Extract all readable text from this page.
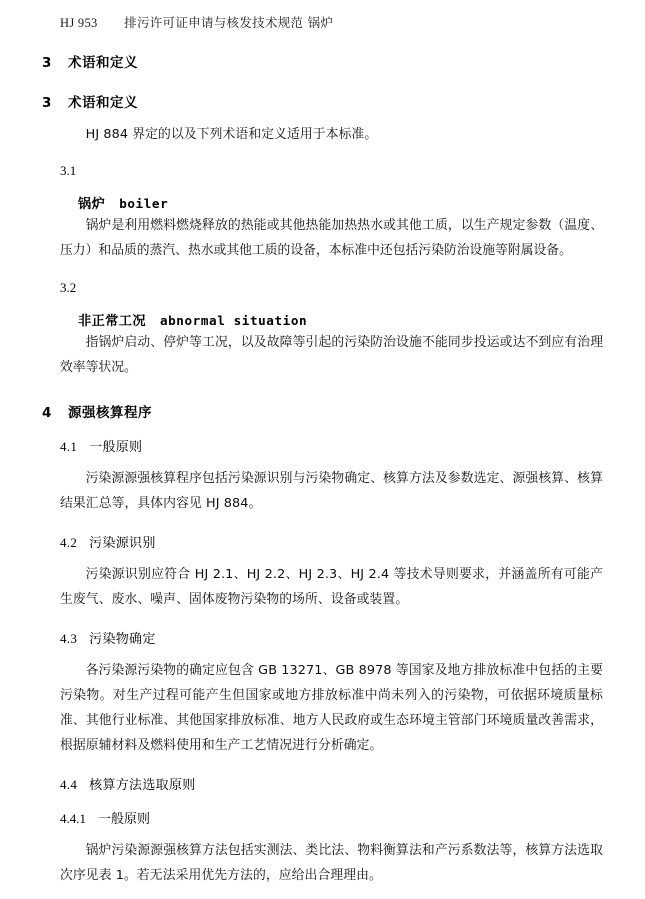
HJ 953 排污许可证申请与核发技术规范 锅炉
3 术语和定义
3 术语和定义
HJ 884 界定的以及下列术语和定义适用于本标准。
3.1
锅炉 boiler
锅炉是利用燃料燃烧释放的热能或其他热能加热热水或其他工质，以生产规定参数（温度、压力）和品质的蒸汽、热水或其他工质的设备，本标准中还包括污染防治设施等附属设备。
3.2
非正常工况 abnormal situation
指锅炉启动、停炉等工况，以及故障等引起的污染防治设施不能同步投运或达不到应有治理效率等状况。
4 源强核算程序
4.1 一般原则
污染源源强核算程序包括污染源识别与污染物确定、核算方法及参数选定、源强核算、核算结果汇总等，具体内容见 HJ 884。
4.2 污染源识别
污染源识别应符合 HJ 2.1、HJ 2.2、HJ 2.3、HJ 2.4 等技术导则要求，并涵盖所有可能产生废气、废水、噪声、固体废物污染物的场所、设备或装置。
4.3 污染物确定
各污染源污染物的确定应包含 GB 13271、GB 8978 等国家及地方排放标准中包括的主要污染物。对生产过程可能产生但国家或地方排放标准中尚未列入的污染物，可依据环境质量标准、其他行业标准、其他国家排放标准、地方人民政府或生态环境主管部门环境质量改善需求，根据原辅材料及燃料使用和生产工艺情况进行分析确定。
4.4 核算方法选取原则
4.4.1 一般原则
锅炉污染源源强核算方法包括实测法、类比法、物料衡算法和产污系数法等，核算方法选取次序见表 1。若无法采用优先方法的，应给出合理理由。
